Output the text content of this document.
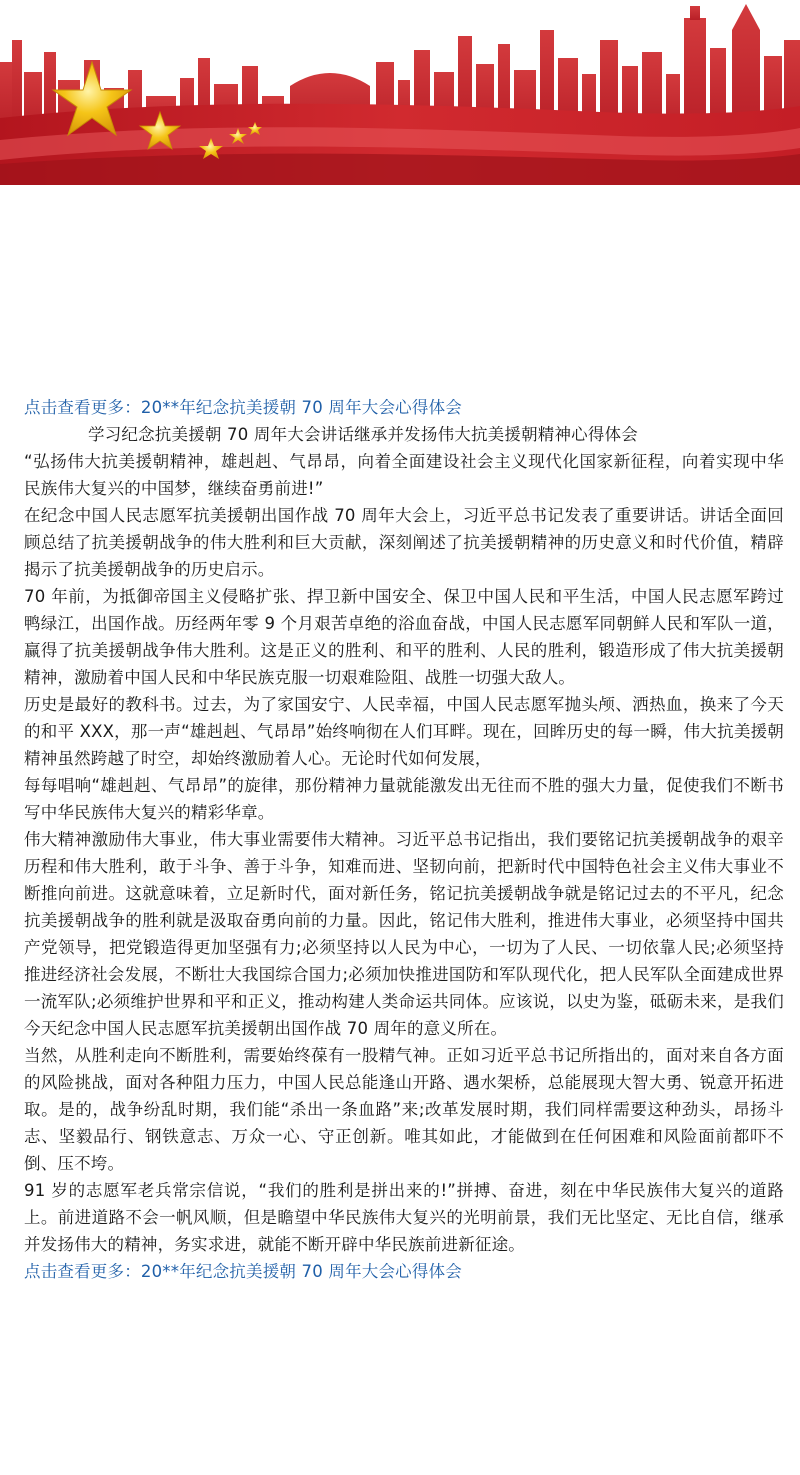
点击查看更多：20**年纪念抗美援朝 70 周年大会心得体会

学习纪念抗美援朝 70 周年大会讲话继承并发扬伟大抗美援朝精神心得体会

“弘扬伟大抗美援朝精神，雄赳赳、气昂昂，向着全面建设社会主义现代化国家新征程，向着实现中华民族伟大复兴的中国梦，继续奋勇前进!”

在纪念中国人民志愿军抗美援朝出国作战 70 周年大会上，习近平总书记发表了重要讲话。讲话全面回顾总结了抗美援朝战争的伟大胜利和巨大贡献，深刻阐述了抗美援朝精神的历史意义和时代价值，精辟揭示了抗美援朝战争的历史启示。

70 年前，为抵御帝国主义侵略扩张、捍卫新中国安全、保卫中国人民和平生活，中国人民志愿军跨过鸭绿江，出国作战。历经两年零 9 个月艰苦卓绝的浴血奋战，中国人民志愿军同朝鲜人民和军队一道，赢得了抗美援朝战争伟大胜利。这是正义的胜利、和平的胜利、人民的胜利，锻造形成了伟大抗美援朝精神，激励着中国人民和中华民族克服一切艰难险阻、战胜一切强大敌人。

历史是最好的教科书。过去，为了家国安宁、人民幸福，中国人民志愿军抛头颅、洒热血，换来了今天的和平 XXX，那一声“雄赳赳、气昂昂”始终响彻在人们耳畔。现在，回眸历史的每一瞬，伟大抗美援朝精神虽然跨越了时空，却始终激励着人心。无论时代如何发展，

每每唱响“雄赳赳、气昂昂”的旋律，那份精神力量就能激发出无往而不胜的强大力量，促使我们不断书写中华民族伟大复兴的精彩华章。

伟大精神激励伟大事业，伟大事业需要伟大精神。习近平总书记指出，我们要铭记抗美援朝战争的艰辛历程和伟大胜利，敢于斗争、善于斗争，知难而进、坚韧向前，把新时代中国特色社会主义伟大事业不断推向前进。这就意味着，立足新时代，面对新任务，铭记抗美援朝战争就是铭记过去的不平凡，纪念抗美援朝战争的胜利就是汲取奋勇向前的力量。因此，铭记伟大胜利，推进伟大事业，必须坚持中国共产党领导，把党锻造得更加坚强有力;必须坚持以人民为中心，一切为了人民、一切依靠人民;必须坚持推进经济社会发展，不断壮大我国综合国力;必须加快推进国防和军队现代化，把人民军队全面建成世界一流军队;必须维护世界和平和正义，推动构建人类命运共同体。应该说，以史为鉴，砥砺未来，是我们今天纪念中国人民志愿军抗美援朝出国作战 70 周年的意义所在。

当然，从胜利走向不断胜利，需要始终葆有一股精气神。正如习近平总书记所指出的，面对来自各方面的风险挑战，面对各种阻力压力，中国人民总能逢山开路、遇水架桥，总能展现大智大勇、锐意开拓进取。是的，战争纷乱时期，我们能“杀出一条血路”来;改革发展时期，我们同样需要这种劲头，昂扬斗志、坚毅品行、钢铁意志、万众一心、守正创新。唯其如此，才能做到在任何困难和风险面前都吓不倒、压不垮。

91 岁的志愿军老兵常宗信说，“我们的胜利是拼出来的!”拼搏、奋进，刻在中华民族伟大复兴的道路上。前进道路不会一帆风顺，但是瞻望中华民族伟大复兴的光明前景，我们无比坚定、无比自信，继承并发扬伟大的精神，务实求进，就能不断开辟中华民族前进新征途。

点击查看更多：20**年纪念抗美援朝 70 周年大会心得体会
